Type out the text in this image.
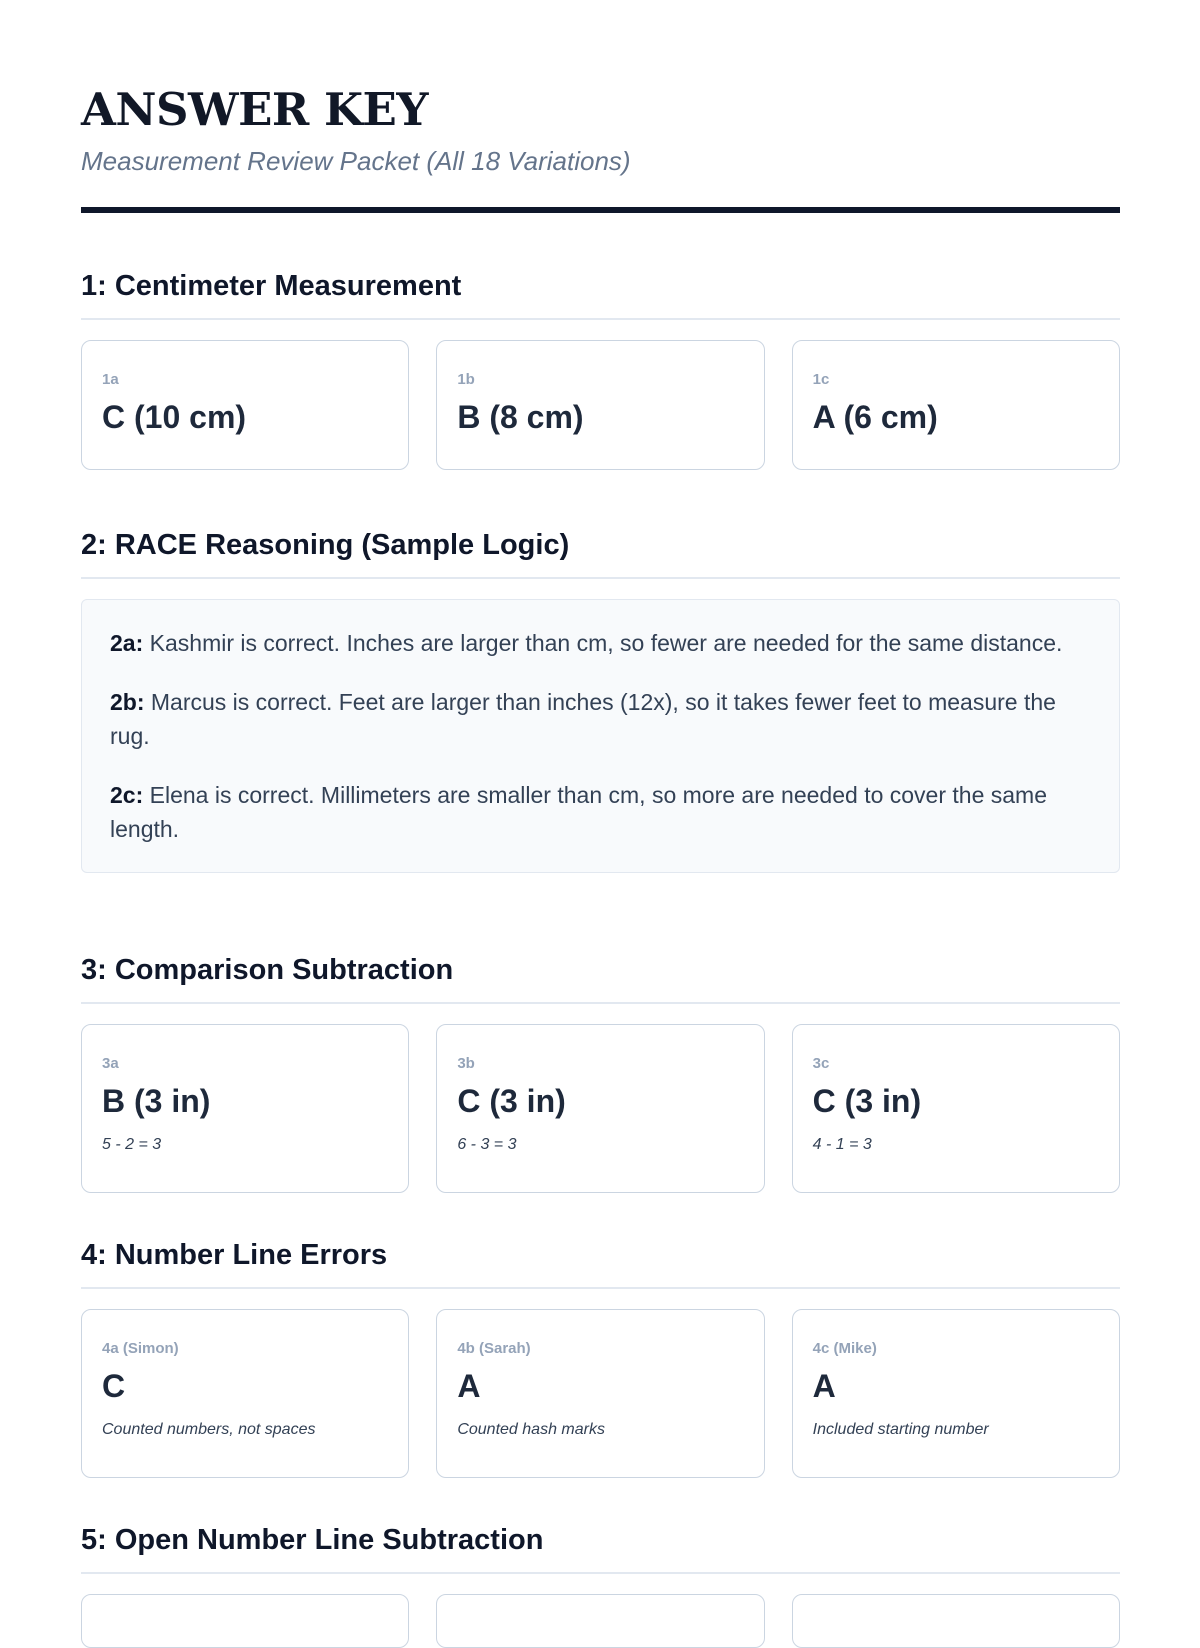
ANSWER KEY

Measurement Review Packet (All 18 Variations)

1: Centimeter Measurement
1a
C (10 cm)
1b
B (8 cm)
1c
A (6 cm)
2: RACE Reasoning (Sample Logic)

2a: Kashmir is correct. Inches are larger than cm, so fewer are needed for the same distance.

2b: Marcus is correct. Feet are larger than inches (12x), so it takes fewer feet to measure the rug.

2c: Elena is correct. Millimeters are smaller than cm, so more are needed to cover the same length.

3: Comparison Subtraction
3a
B (3 in)
5 - 2 = 3
3b
C (3 in)
6 - 3 = 3
3c
C (3 in)
4 - 1 = 3
4: Number Line Errors
4a (Simon)
C
Counted numbers, not spaces
4b (Sarah)
A
Counted hash marks
4c (Mike)
A
Included starting number
5: Open Number Line Subtraction
